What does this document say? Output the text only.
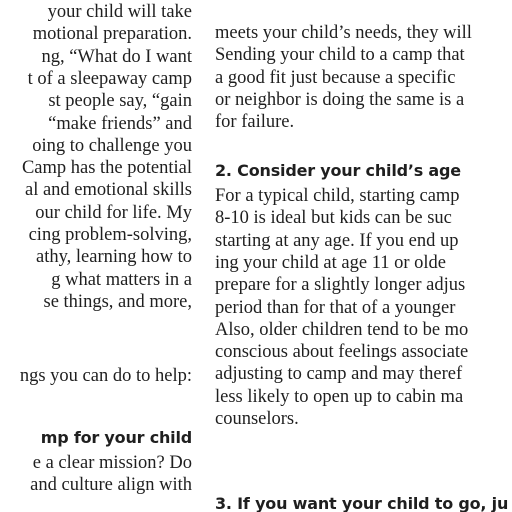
your child will take
motional preparation.
ng, “What do I want
t of a sleepaway camp
st people say, “gain
“make friends” and
oing to challenge you
Camp has the potential
al and emotional skills
our child for life. My
cing problem-solving,
athy, learning how to
g what matters in a
se things, and more,
ngs you can do to help:
mp for your child
e a clear mission? Do
and culture align with
meets your child’s needs, they will
Sending your child to a camp that
a good fit just because a specific
or neighbor is doing the same is a
for failure.
2. Consider your child’s age
For a typical child, starting camp
8-10 is ideal but kids can be suc
starting at any age. If you end up
ing your child at age 11 or olde
prepare for a slightly longer adjus
period than for that of a younger
Also, older children tend to be mo
conscious about feelings associate
adjusting to camp and may theref
less likely to open up to cabin ma
counselors.
3. If you want your child to go, ju
